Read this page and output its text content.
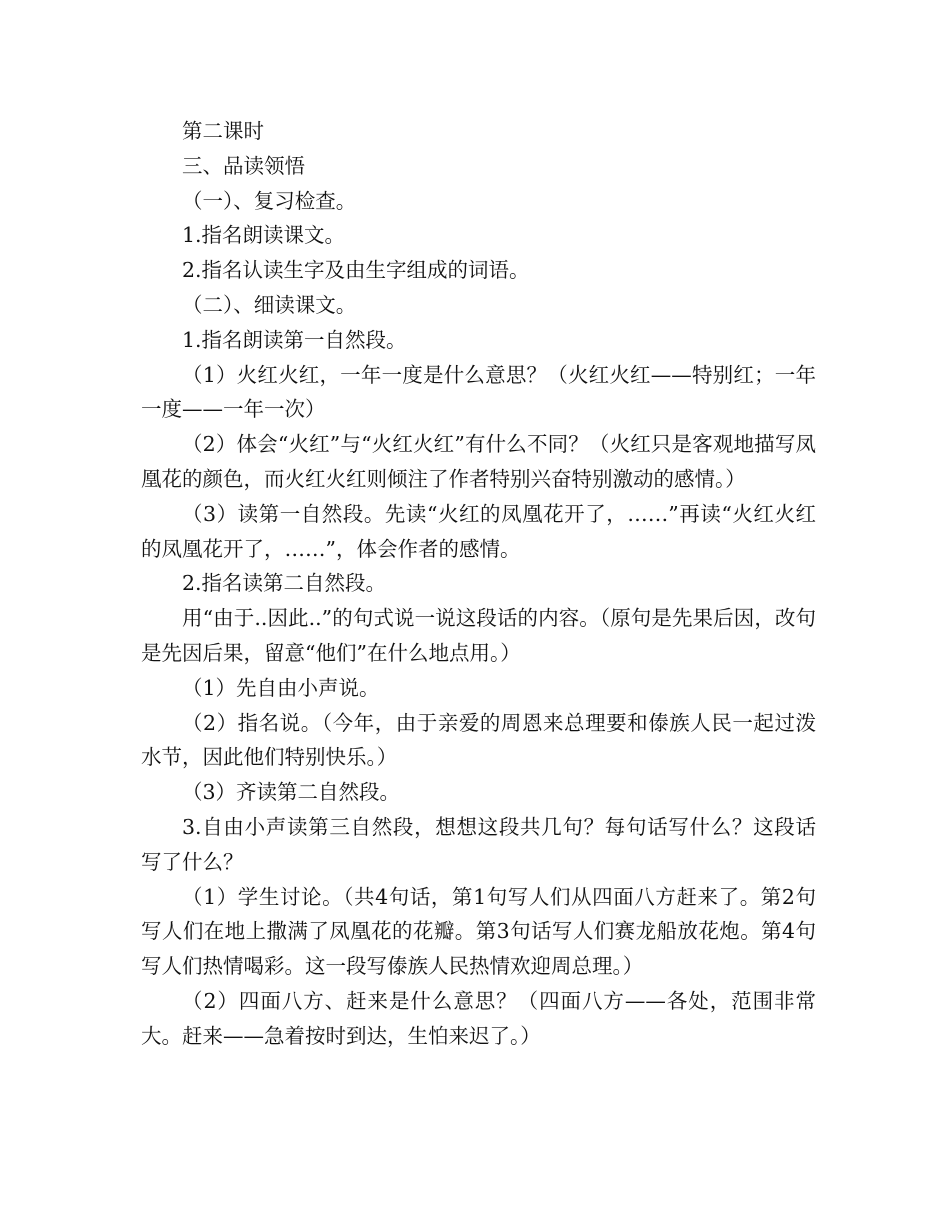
第二课时

三、品读领悟

（一）、复习检查。

1.指名朗读课文。

2.指名认读生字及由生字组成的词语。

（二）、细读课文。

1.指名朗读第一自然段。

（1）火红火红，一年一度是什么意思？（火红火红——特别红；一年一度——一年一次）

（2）体会“火红”与“火红火红”有什么不同？（火红只是客观地描写凤凰花的颜色，而火红火红则倾注了作者特别兴奋特别激动的感情。）

（3）读第一自然段。先读“火红的凤凰花开了，……”再读“火红火红的凤凰花开了，……”，体会作者的感情。

2.指名读第二自然段。

用“由于..因此..”的句式说一说这段话的内容。（原句是先果后因，改句是先因后果，留意“他们”在什么地点用。）

（1）先自由小声说。

（2）指名说。（今年，由于亲爱的周恩来总理要和傣族人民一起过泼水节，因此他们特别快乐。）

（3）齐读第二自然段。

3.自由小声读第三自然段，想想这段共几句？每句话写什么？这段话写了什么？

（1）学生讨论。（共4句话，第1句写人们从四面八方赶来了。第2句写人们在地上撒满了凤凰花的花瓣。第3句话写人们赛龙船放花炮。第4句写人们热情喝彩。这一段写傣族人民热情欢迎周总理。）

（2）四面八方、赶来是什么意思？（四面八方——各处，范围非常大。赶来——急着按时到达，生怕来迟了。）
